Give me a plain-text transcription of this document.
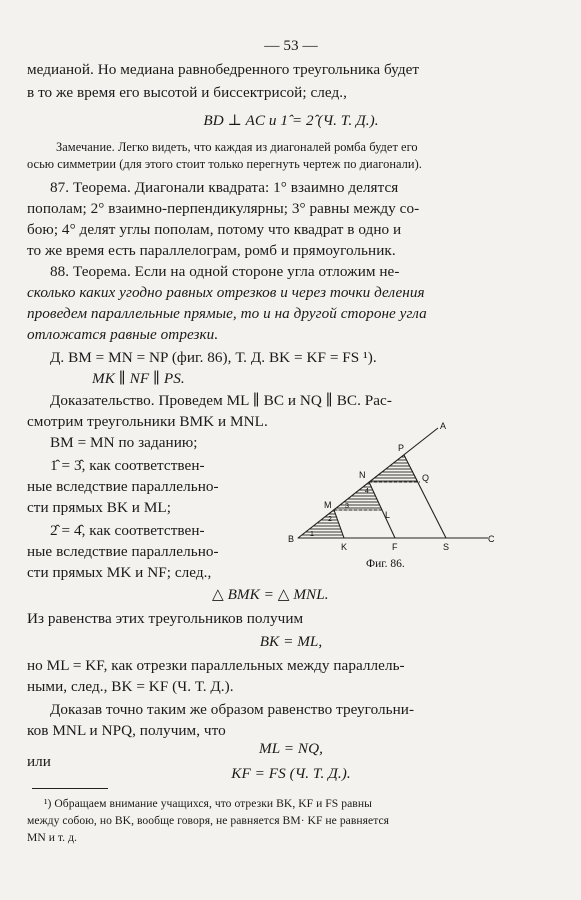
— 53 —
медианой. Но медиана равнобедренного треугольника будет
в то же время его высотой и биссектрисой; след.,
BD ⊥ AC и 1̂ = 2̂ (Ч. Т. Д.).
Замечание. Легко видеть, что каждая из диагоналей ромба будет его
осью симметрии (для этого стоит только перегнуть чертеж по диагонали).
87. Теорема. Диагонали квадрата: 1° взаимно делятся
пополам; 2° взаимно-перпендикулярны; 3° равны между со-
бою; 4° делят углы пополам, потому что квадрат в одно и
то же время есть параллелограм, ромб и прямоугольник.
88. Теорема. Если на одной стороне угла отложим не-
сколько каких угодно равных отрезков и через точки деления
проведем параллельные прямые, то и на другой стороне угла
отложатся равные отрезки.
Д. BM = MN = NP (фиг. 86), Т. Д. BK = KF = FS ¹).
MK ∥ NF ∥ PS.
Доказательство. Проведем ML ∥ BC и NQ ∥ BC. Рас-
смотрим треугольники BMK и MNL.
BM = MN по заданию;
1̂ = 3̂, как соответствен-
ные вследствие параллельно-
сти прямых BK и ML;
2̂ = 4̂, как соответствен-
ные вследствие параллельно-
сти прямых MK и NF; след.,
△ BMK = △ MNL.
Из равенства этих треугольников получим
BK = ML,
но ML = KF, как отрезки параллельных между параллель-
ными, след., BK = KF (Ч. Т. Д.).
Доказав точно таким же образом равенство треугольни-
ков MNL и NPQ, получим, что
ML = NQ,
или
KF = FS (Ч. Т. Д.).
¹) Обращаем внимание учащихся, что отрезки BK, KF и FS равны
между собою, но BK, вообще говоря, не равняется BM· KF не равняется
MN и т. д.
A
B	C
M
N
P
K	F	S
L
Q
1
2
3
4
Фиг. 86.
